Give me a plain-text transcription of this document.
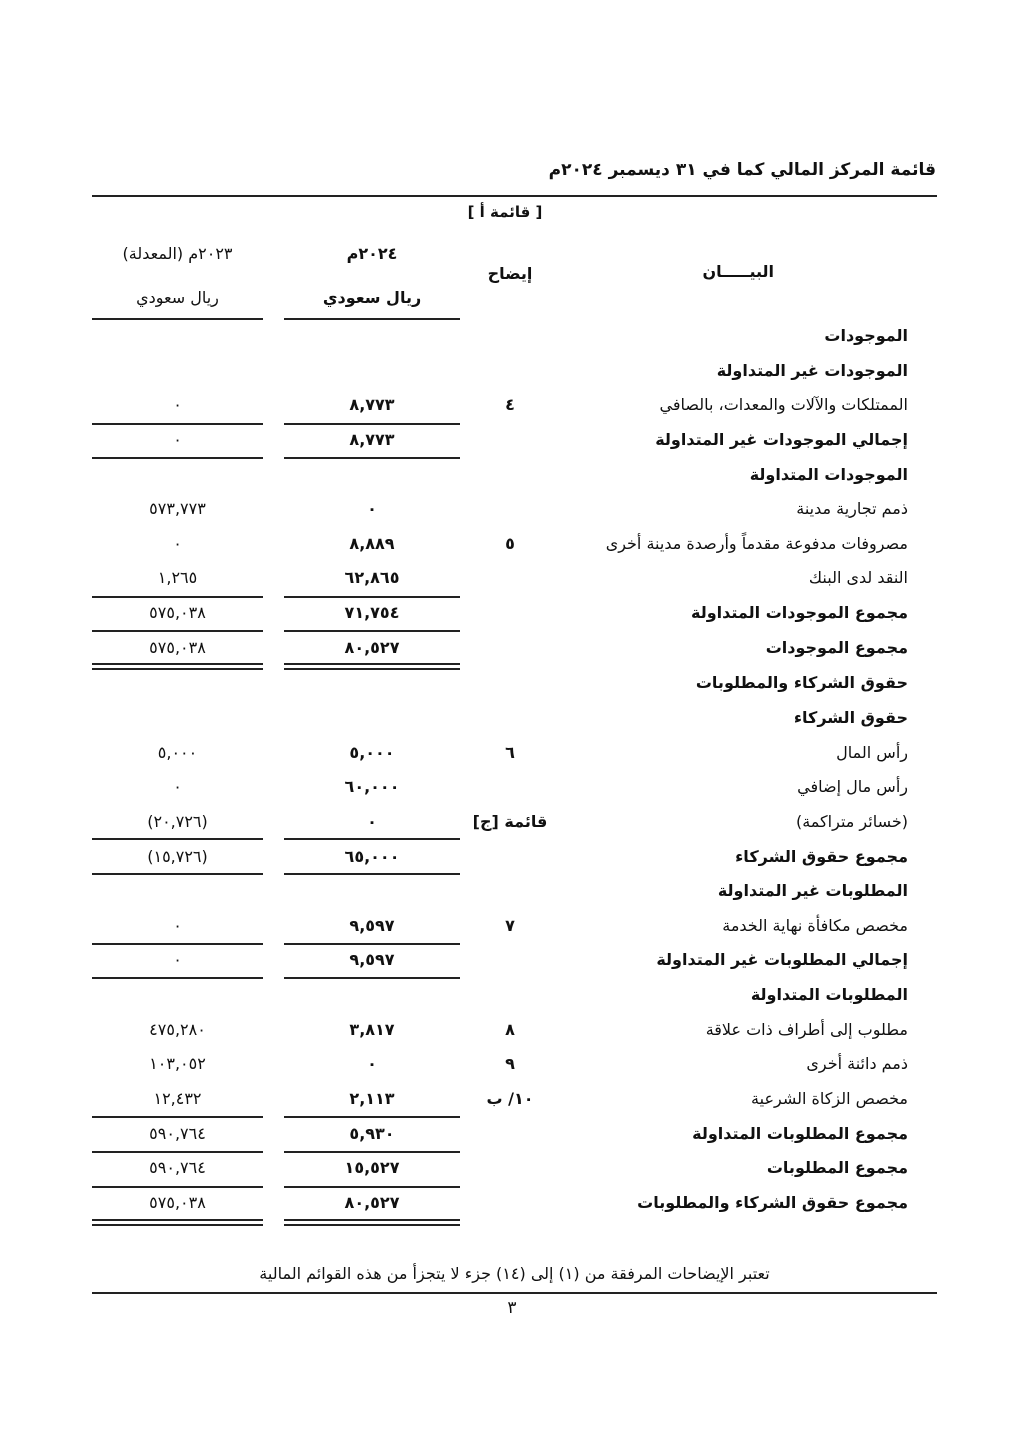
قائمة المركز المالي كما في ٣١ ديسمبر ٢٠٢٤م
[ قائمة أ ]
البيـــــان
إيضاح
٢٠٢٤م
ريال سعودي
٢٠٢٣م (المعدلة)
ريال سعودي
الموجودات
الموجودات غير المتداولة
الممتلكات والآلات والمعدات، بالصافي
٤
٨,٧٧٣
٠
إجمالي الموجودات غير المتداولة
٨,٧٧٣
٠
الموجودات المتداولة
ذمم تجارية مدينة
٠
٥٧٣,٧٧٣
مصروفات مدفوعة مقدماً وأرصدة مدينة أخرى
٥
٨,٨٨٩
٠
النقد لدى البنك
٦٢,٨٦٥
١,٢٦٥
مجموع الموجودات المتداولة
٧١,٧٥٤
٥٧٥,٠٣٨
مجموع الموجودات
٨٠,٥٢٧
٥٧٥,٠٣٨
حقوق الشركاء والمطلوبات
حقوق الشركاء
رأس المال
٦
٥,٠٠٠
٥,٠٠٠
رأس مال إضافي
٦٠,٠٠٠
٠
(خسائر متراكمة)
قائمة [ج]
٠
(٢٠,٧٢٦)
مجموع حقوق الشركاء
٦٥,٠٠٠
(١٥,٧٢٦)
المطلوبات غير المتداولة
مخصص مكافأة نهاية الخدمة
٧
٩,٥٩٧
٠
إجمالي المطلوبات غير المتداولة
٩,٥٩٧
٠
المطلوبات المتداولة
مطلوب إلى أطراف ذات علاقة
٨
٣,٨١٧
٤٧٥,٢٨٠
ذمم دائنة أخرى
٩
٠
١٠٣,٠٥٢
مخصص الزكاة الشرعية
١٠/ ب
٢,١١٣
١٢,٤٣٢
مجموع المطلوبات المتداولة
٥,٩٣٠
٥٩٠,٧٦٤
مجموع المطلوبات
١٥,٥٢٧
٥٩٠,٧٦٤
مجموع حقوق الشركاء والمطلوبات
٨٠,٥٢٧
٥٧٥,٠٣٨
تعتبر الإيضاحات المرفقة من (١) إلى (١٤) جزء لا يتجزأ من هذه القوائم المالية
٣
